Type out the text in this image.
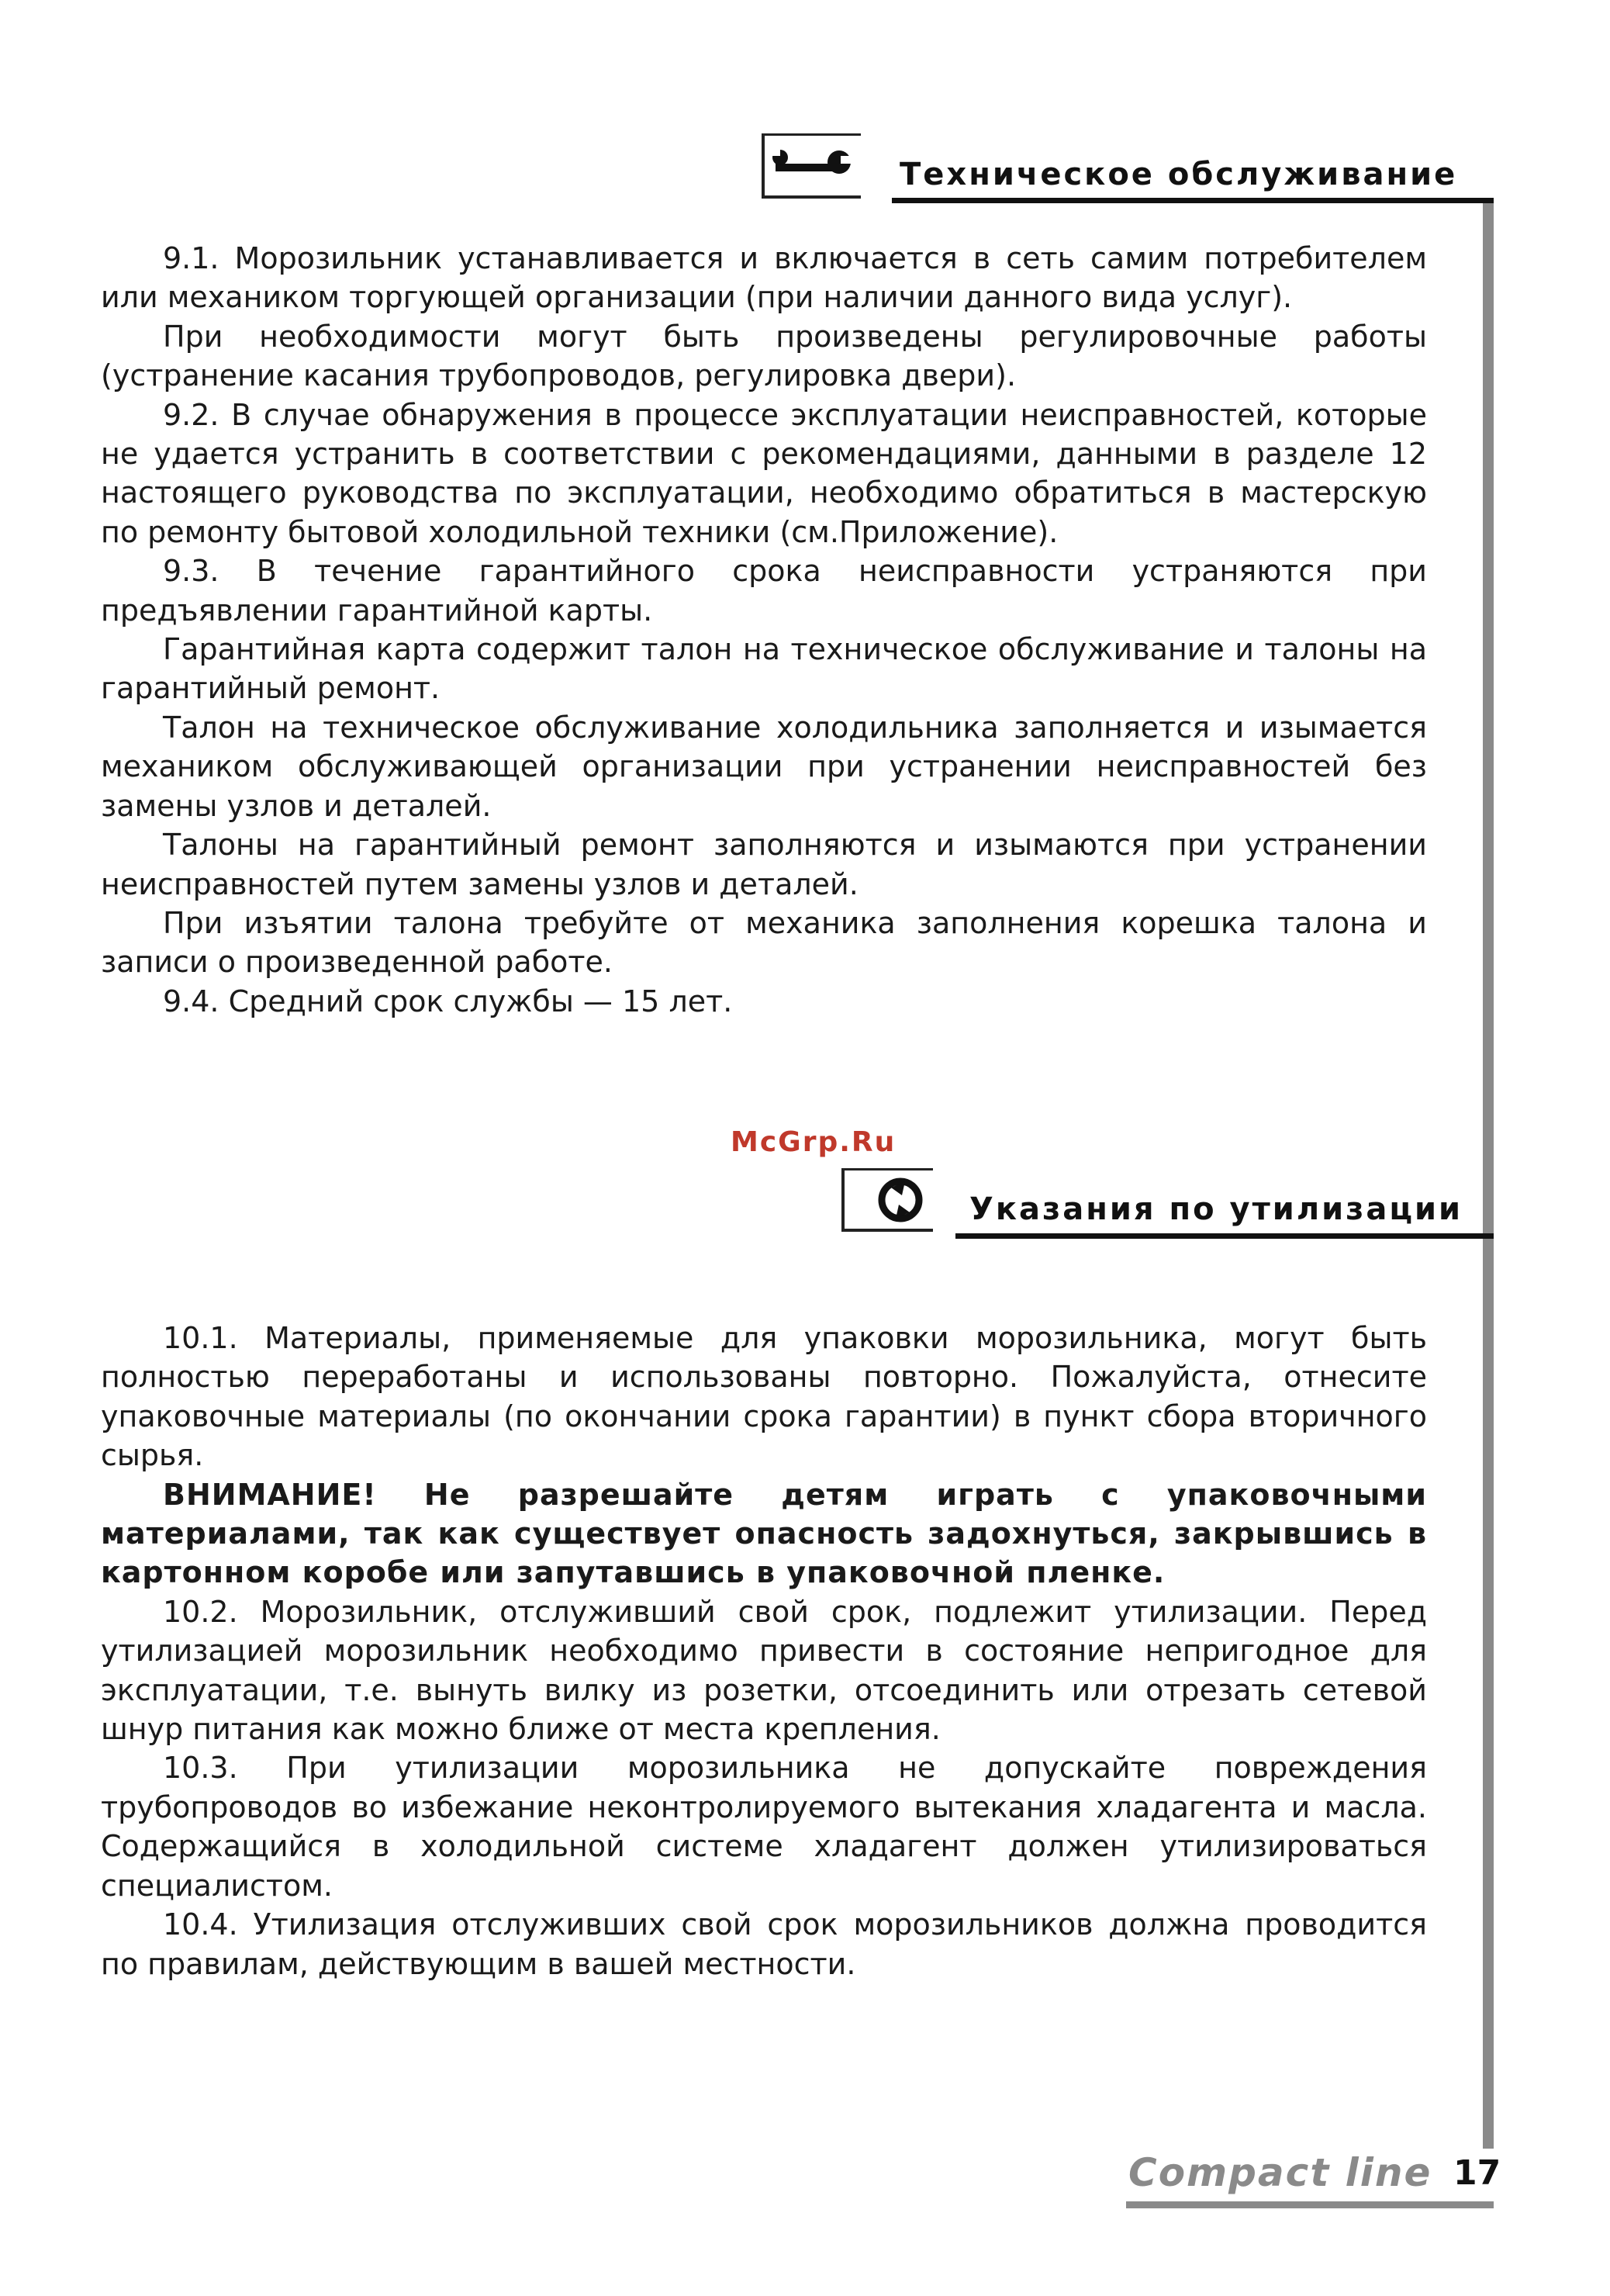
Техническое обслуживание

9.1. Морозильник устанавливается и включается в сеть самим потребителем или механиком торгующей организации (при наличии данного вида услуг).

При необходимости могут быть произведены регулировочные работы (устранение касания трубопроводов, регулировка двери).

9.2. В случае обнаружения в процессе эксплуатации неисправностей, которые не удается устранить в соответствии с рекомендациями, данными в разделе 12 настоящего руководства по эксплуатации, необходимо обратиться в мастерскую по ремонту бытовой холодильной техники (см.Приложение).

9.3. В течение гарантийного срока неисправности устраняются при предъявлении гарантийной карты.

Гарантийная карта содержит талон на техническое обслуживание и талоны на гарантийный ремонт.

Талон на техническое обслуживание холодильника заполняется и изымается механиком обслуживающей организации при устранении неисправностей без замены узлов и деталей.

Талоны на гарантийный ремонт заполняются и изымаются при устранении неисправностей путем замены узлов и деталей.

При изъятии талона требуйте от механика заполнения корешка талона и записи о произведенной работе.

9.4. Средний срок службы — 15 лет.

McGrp.Ru
Указания по утилизации

10.1. Материалы, применяемые для упаковки морозильника, могут быть полностью переработаны и использованы повторно. Пожалуйста, отнесите упаковочные материалы (по окончании срока гарантии) в пункт сбора вторичного сырья.

ВНИМАНИЕ! Не разрешайте детям играть с упаковочными материалами, так как существует опасность задохнуться, закрывшись в картонном коробе или запутавшись в упаковочной пленке.

10.2. Морозильник, отслуживший свой срок, подлежит утилизации. Перед утилизацией морозильник необходимо привести в состояние непригодное для эксплуатации, т.е. вынуть вилку из розетки, отсоединить или отрезать сетевой шнур питания как можно ближе от места крепления.

10.3. При утилизации морозильника не допускайте повреждения трубопроводов во избежание неконтролируемого вытекания хладагента и масла. Содержащийся в холодильной системе хладагент должен утилизироваться специалистом.

10.4. Утилизация отслуживших свой срок морозильников должна проводится по правилам, действующим в вашей местности.

Compact line 17
